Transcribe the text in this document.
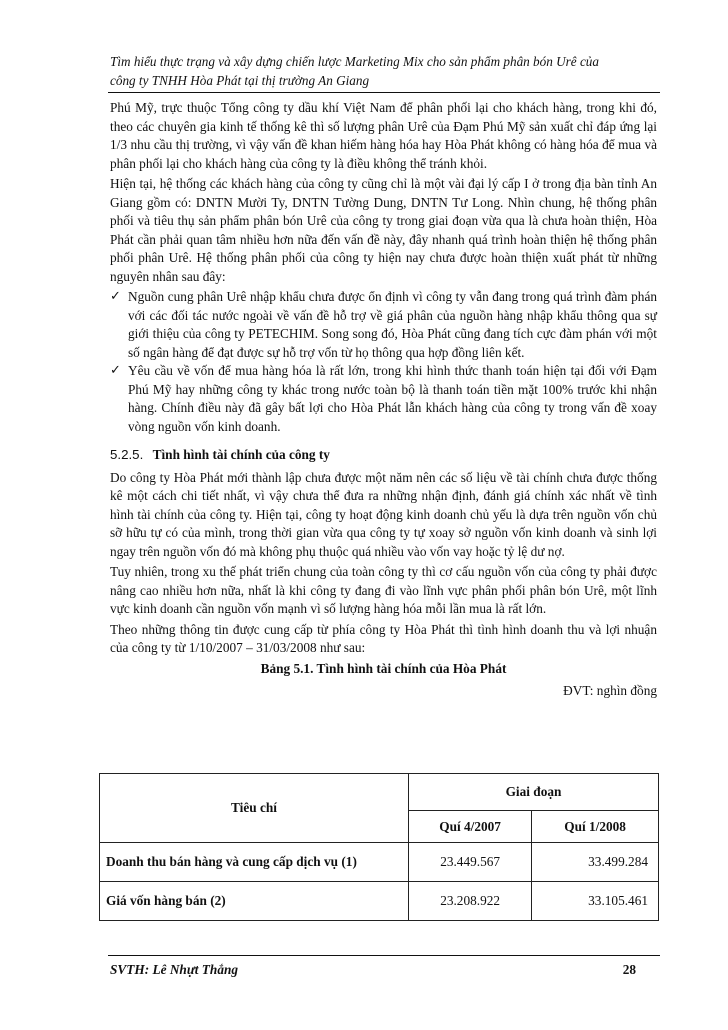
Tìm hiểu thực trạng và xây dựng chiến lược Marketing Mix cho sản phẩm phân bón Urê của
công ty TNHH Hòa Phát tại thị trường An Giang

Phú Mỹ, trực thuộc Tổng công ty dầu khí Việt Nam để phân phối lại cho khách hàng, trong khi đó, theo các chuyên gia kinh tế thống kê thì số lượng phân Urê của Đạm Phú Mỹ sản xuất chỉ đáp ứng lại 1/3 nhu cầu thị trường, vì vậy vấn đề khan hiếm hàng hóa hay Hòa Phát không có hàng hóa để mua và phân phối lại cho khách hàng của công ty là điều không thể tránh khỏi.

Hiện tại, hệ thống các khách hàng của công ty cũng chỉ là một vài đại lý cấp I ở trong địa bàn tỉnh An Giang gồm có: DNTN Mười Ty, DNTN Tường Dung, DNTN Tư Long. Nhìn chung, hệ thống phân phối và tiêu thụ sản phẩm phân bón Urê của công ty trong giai đoạn vừa qua là chưa hoàn thiện, Hòa Phát cần phải quan tâm nhiều hơn nữa đến vấn đề này, đây nhanh quá trình hoàn thiện hệ thống phân phối phân Urê. Hệ thống phân phối của công ty hiện nay chưa được hoàn thiện xuất phát từ những nguyên nhân sau đây:

✓ Nguồn cung phân Urê nhập khẩu chưa được ổn định vì công ty vẫn đang trong quá trình đàm phán với các đối tác nước ngoài về vấn đề hỗ trợ về giá phân của nguồn hàng nhập khẩu thông qua sự giới thiệu của công ty PETECHIM. Song song đó, Hòa Phát cũng đang tích cực đàm phán với một số ngân hàng để đạt được sự hỗ trợ vốn từ họ thông qua hợp đồng liên kết.
✓ Yêu cầu về vốn để mua hàng hóa là rất lớn, trong khi hình thức thanh toán hiện tại đối với Đạm Phú Mỹ hay những công ty khác trong nước toàn bộ là thanh toán tiền mặt 100% trước khi nhận hàng. Chính điều này đã gây bất lợi cho Hòa Phát lẫn khách hàng của công ty trong vấn đề xoay vòng nguồn vốn kinh doanh.

5.2.5. Tình hình tài chính của công ty

Do công ty Hòa Phát mới thành lập chưa được một năm nên các số liệu về tài chính chưa được thống kê một cách chi tiết nhất, vì vậy chưa thể đưa ra những nhận định, đánh giá chính xác nhất về tình hình tài chính của công ty. Hiện tại, công ty hoạt động kinh doanh chủ yếu là dựa trên nguồn vốn chủ sỡ hữu tự có của mình, trong thời gian vừa qua công ty tự xoay sở nguồn vốn kinh doanh và sinh lợi ngay trên nguồn vốn đó mà không phụ thuộc quá nhiều vào vốn vay hoặc tỷ lệ dư nợ.

Tuy nhiên, trong xu thế phát triển chung của toàn công ty thì cơ cấu nguồn vốn của công ty phải được nâng cao nhiều hơn nữa, nhất là khi công ty đang đi vào lĩnh vực phân phối phân bón Urê, một lĩnh vực kinh doanh cần nguồn vốn mạnh vì số lượng hàng hóa mỗi lần mua là rất lớn.

Theo những thông tin được cung cấp từ phía công ty Hòa Phát thì tình hình doanh thu và lợi nhuận của công ty từ 1/10/2007 – 31/03/2008 như sau:

Bảng 5.1. Tình hình tài chính của Hòa Phát

ĐVT: nghìn đồng

Tiêu chí	Giai đoạn	
	Quí 4/2007	Quí 1/2008
Doanh thu bán hàng và cung cấp dịch vụ (1)	23.449.567	33.499.284
Giá vốn hàng bán (2)	23.208.922	33.105.461
SVTH: Lê Nhựt Thắng	28
